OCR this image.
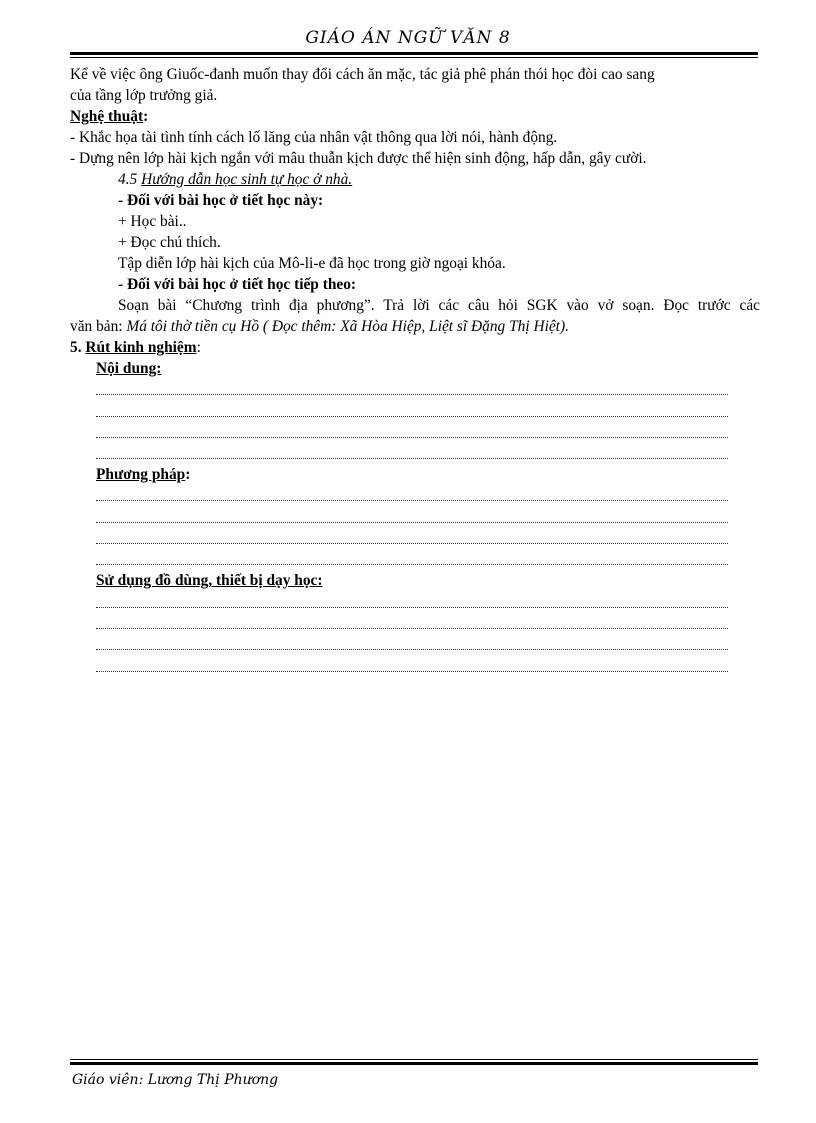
GIÁO ÁN NGỮ VĂN 8

Kể về việc ông Giuốc-đanh muốn thay đổi cách ăn mặc, tác giả phê phán thói học đòi cao sang

của tầng lớp trưởng giả.

Nghệ thuật:

- Khắc họa tài tình tính cách lố lăng của nhân vật thông qua lời nói, hành động.

- Dựng nên lớp hài kịch ngắn với mâu thuẫn kịch được thể hiện sinh động, hấp dẫn, gây cười.

4.5 Hướng dẫn học sinh tự học ở nhà.

- Đối với bài học ở tiết học này:

+ Học bài..

+ Đọc chú thích.

Tập diễn lớp hài kịch của Mô-li-e đã học trong giờ ngoại khóa.

- Đối với bài học ở tiết học tiếp theo:

Soạn bài “Chương trình địa phương”. Trả lời các câu hỏi SGK vào vở soạn. Đọc trước các

văn bản: Má tôi thờ tiền cụ Hồ ( Đọc thêm: Xã Hòa Hiệp, Liệt sĩ Đặng Thị Hiệt).

5. Rút kinh nghiệm:

Nội dung:

Phương pháp:

Sử dụng đồ dùng, thiết bị dạy học:

Giáo viên: Lương Thị Phương
